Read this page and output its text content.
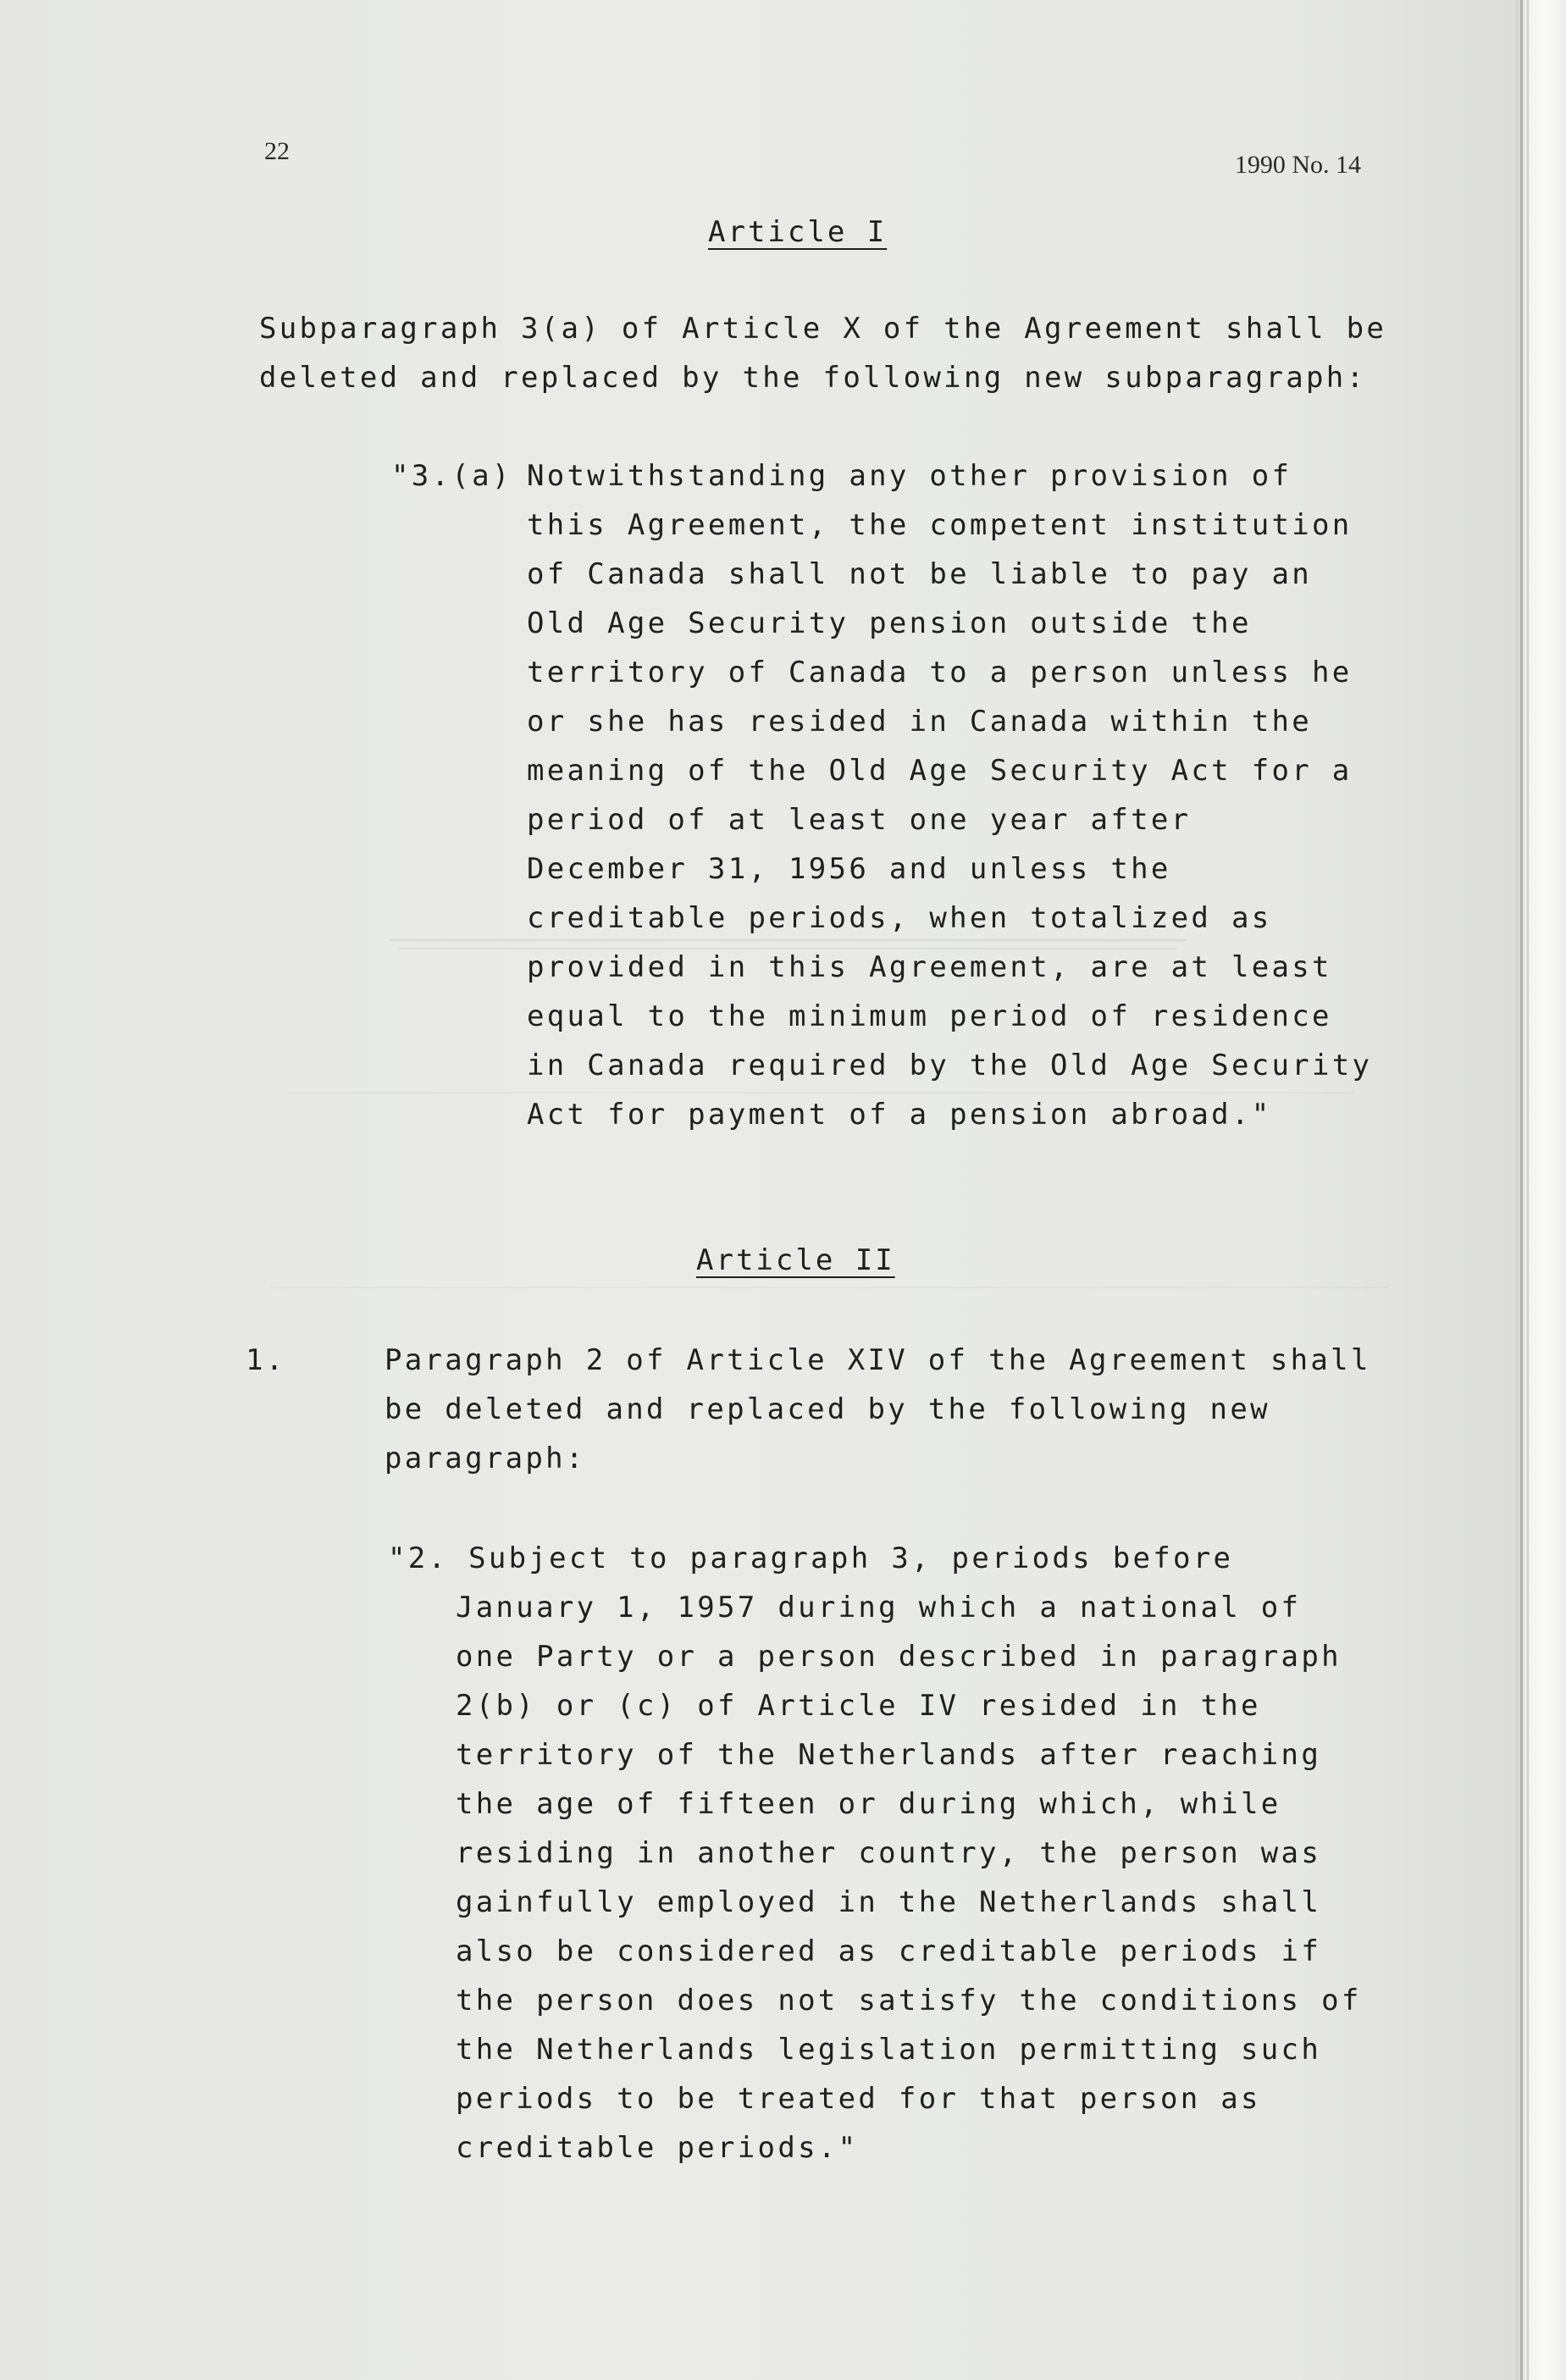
22	1990 No. 14
Article I
Subparagraph 3(a) of Article X of the Agreement shall be
deleted and replaced by the following new subparagraph:
"3.(a) Notwithstanding any other provision of
this Agreement, the competent institution
of Canada shall not be liable to pay an
Old Age Security pension outside the
territory of Canada to a person unless he
or she has resided in Canada within the
meaning of the Old Age Security Act for a
period of at least one year after
December 31, 1956 and unless the
creditable periods, when totalized as
provided in this Agreement, are at least
equal to the minimum period of residence
in Canada required by the Old Age Security
Act for payment of a pension abroad."
Article II
1.	Paragraph 2 of Article XIV of the Agreement shall
be deleted and replaced by the following new
paragraph:
"2. Subject to paragraph 3, periods before
January 1, 1957 during which a national of
one Party or a person described in paragraph
2(b) or (c) of Article IV resided in the
territory of the Netherlands after reaching
the age of fifteen or during which, while
residing in another country, the person was
gainfully employed in the Netherlands shall
also be considered as creditable periods if
the person does not satisfy the conditions of
the Netherlands legislation permitting such
periods to be treated for that person as
creditable periods."
